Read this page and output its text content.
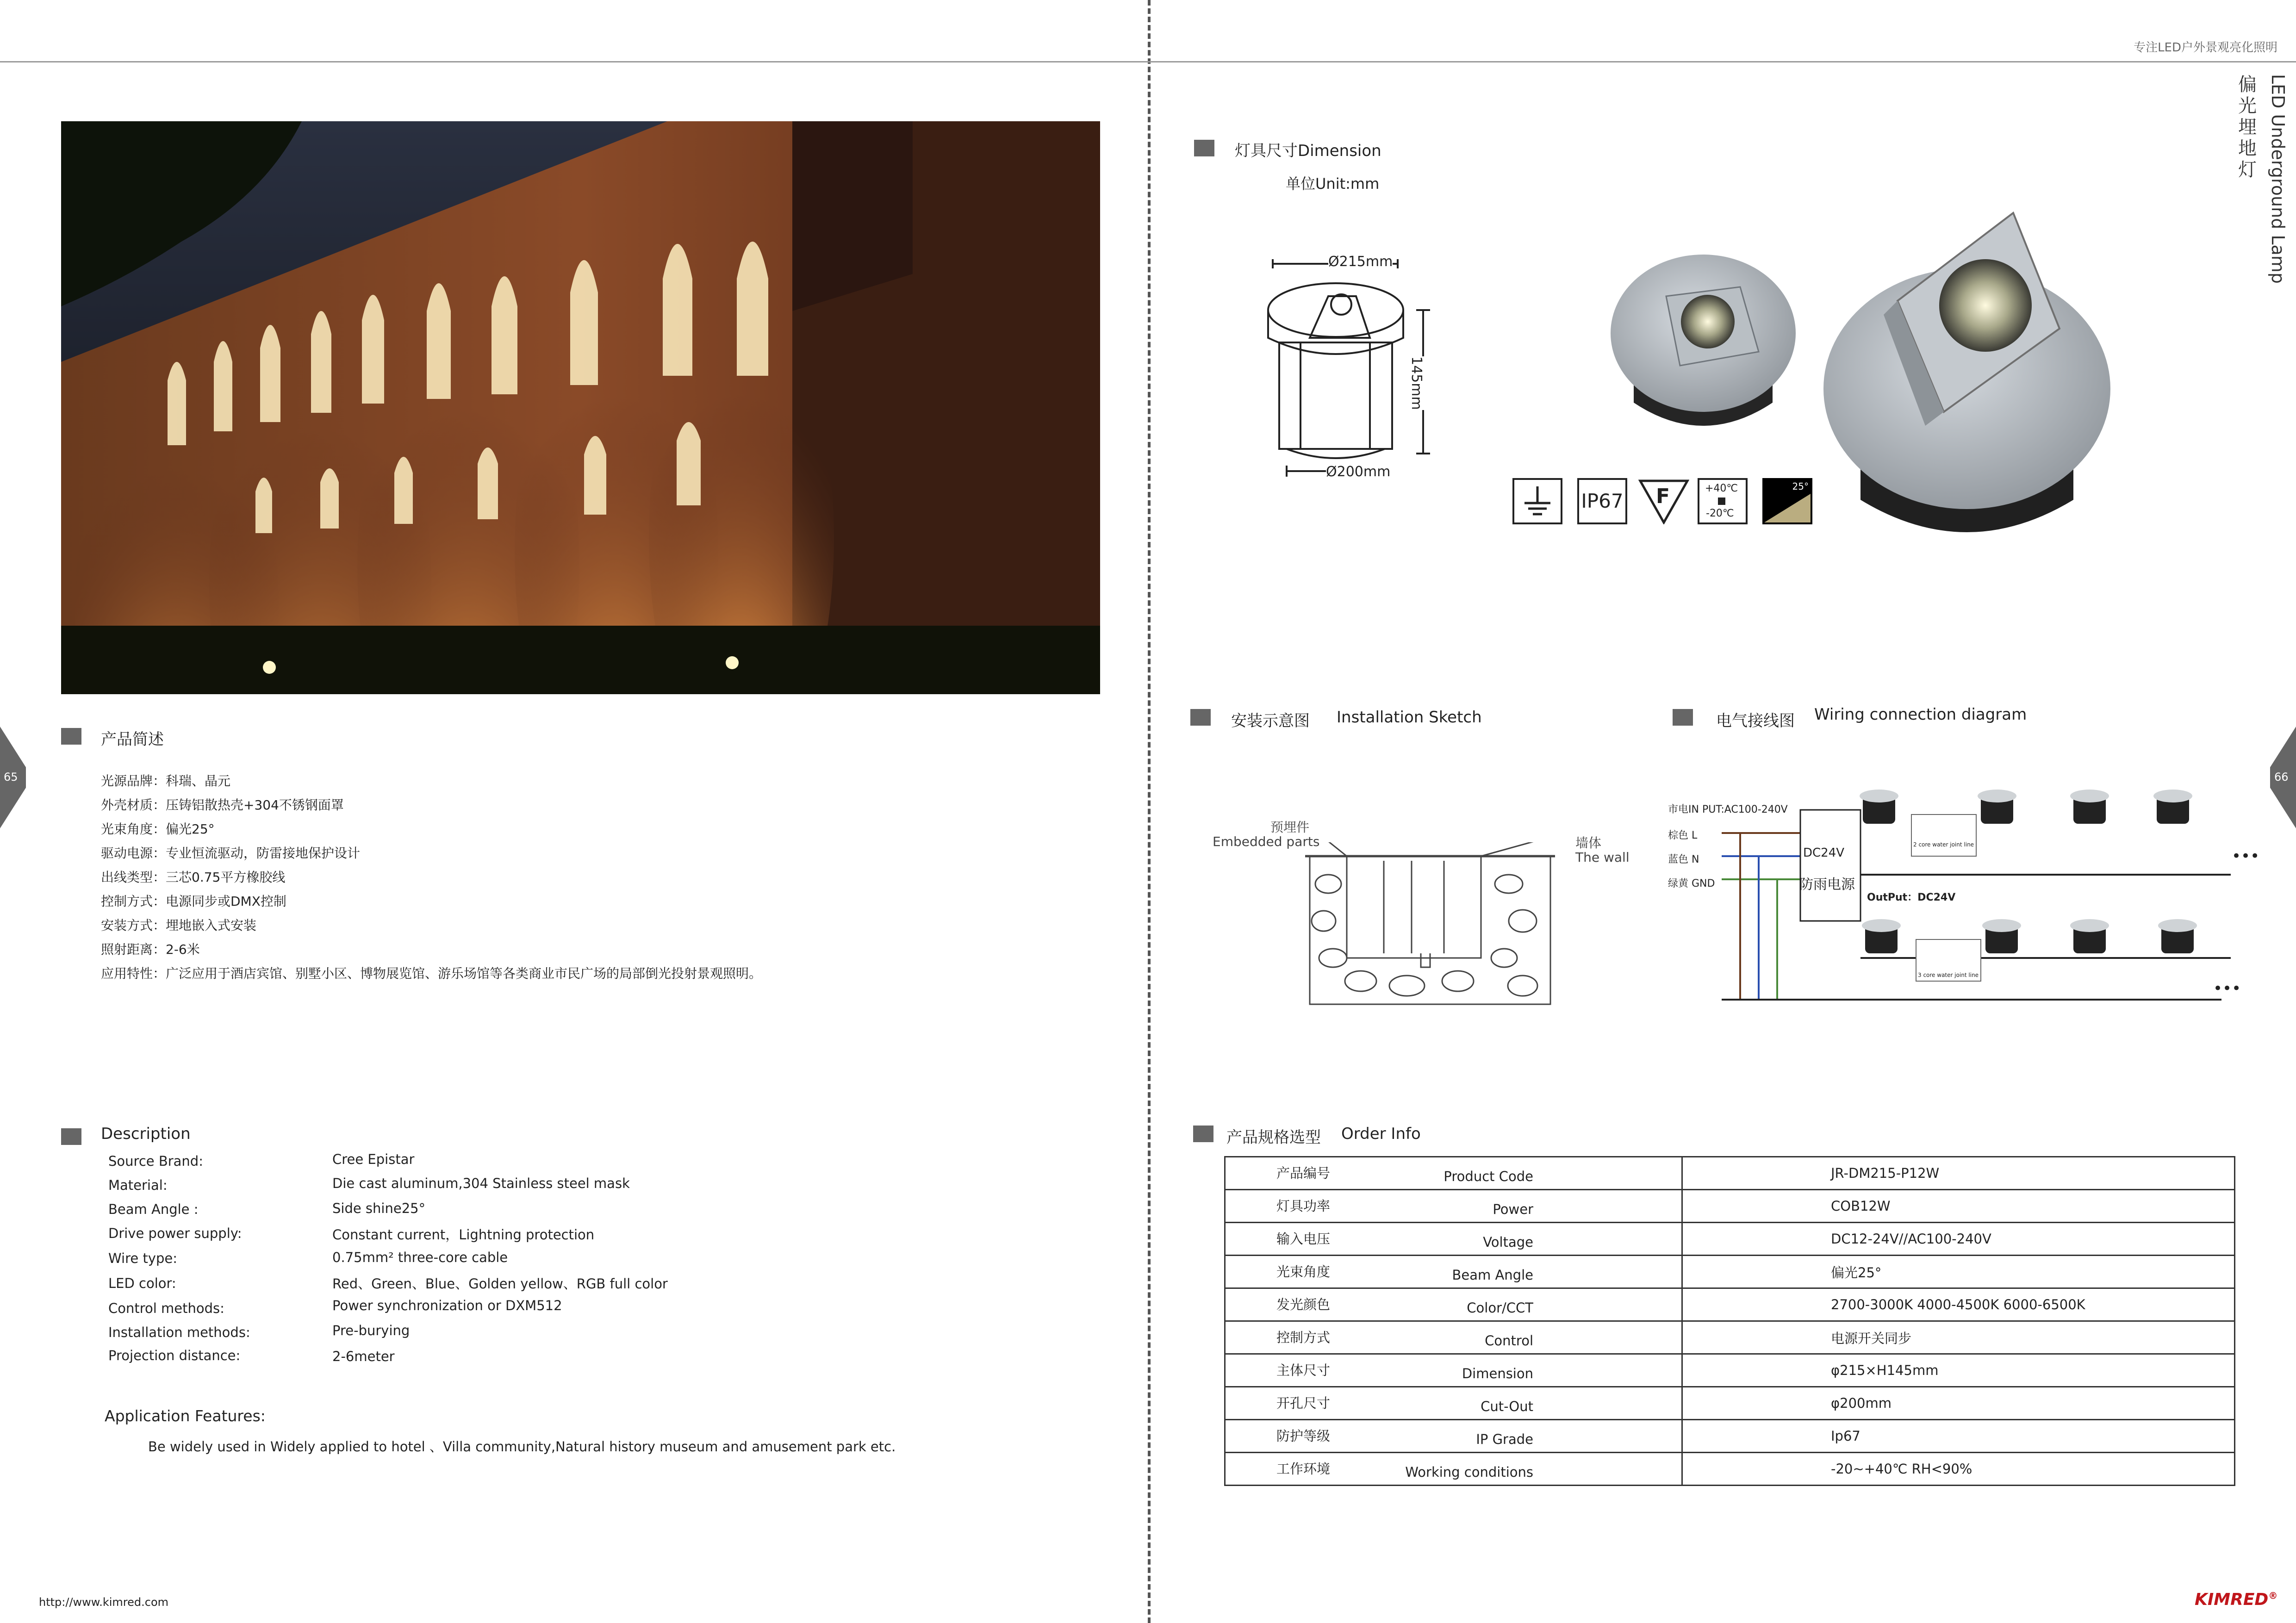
专注LED户外景观亮化照明
偏光埋地灯 LED Underground Lamp
65	66
产品简述
光源品牌：科瑞、晶元
外壳材质：压铸铝散热壳+304不锈钢面罩
光束角度：偏光25°
驱动电源：专业恒流驱动，防雷接地保护设计
出线类型：三芯0.75平方橡胶线
控制方式：电源同步或DMX控制
安装方式：埋地嵌入式安装
照射距离：2-6米
应用特性：广泛应用于酒店宾馆、别墅小区、博物展览馆、游乐场馆等各类商业市民广场的局部倒光投射景观照明。
Description
Source Brand:	Cree Epistar
Material:	Die cast aluminum,304 Stainless steel mask
Beam Angle :	Side shine25°
Drive power supply:	Constant current，Lightning protection
Wire type:	0.75mm² three-core cable
LED color:	Red、Green、Blue、Golden yellow、RGB full color
Control methods:	Power synchronization or DXM512
Installation methods:	Pre-burying
Projection distance:	2-6meter
Application Features:
Be widely used in Widely applied to hotel 、Villa community,Natural history museum and amusement park etc.
http://www.kimred.com
灯具尺寸Dimension
单位Unit:mm
Ø215mm
145mm
Ø200mm
IP67 F	+40℃
-20℃
25°
安装示意图 Installation Sketch
预埋件
Embedded parts	墙体
The wall
电气接线图 Wiring connection diagram
市电IN PUT:AC100-240V
棕色 L
蓝色 N
绿黄 GND
DC24V
防雨电源
OutPut：DC24V
2 core water joint line
3 core water joint line
•••
•••
产品规格选型 Order Info
产品编号 Product Code	JR-DM215-P12W

灯具功率 Power	COB12W

输入电压 Voltage	DC12-24V//AC100-240V

光束角度 Beam Angle	偏光25°

发光颜色 Color/CCT	2700-3000K 4000-4500K 6000-6500K

控制方式 Control	电源开关同步

主体尺寸 Dimension	φ215×H145mm

开孔尺寸 Cut-Out	φ200mm

防护等级 IP Grade	Ip67

工作环境 Working conditions	-20~+40℃ RH<90%
KIMRED®
